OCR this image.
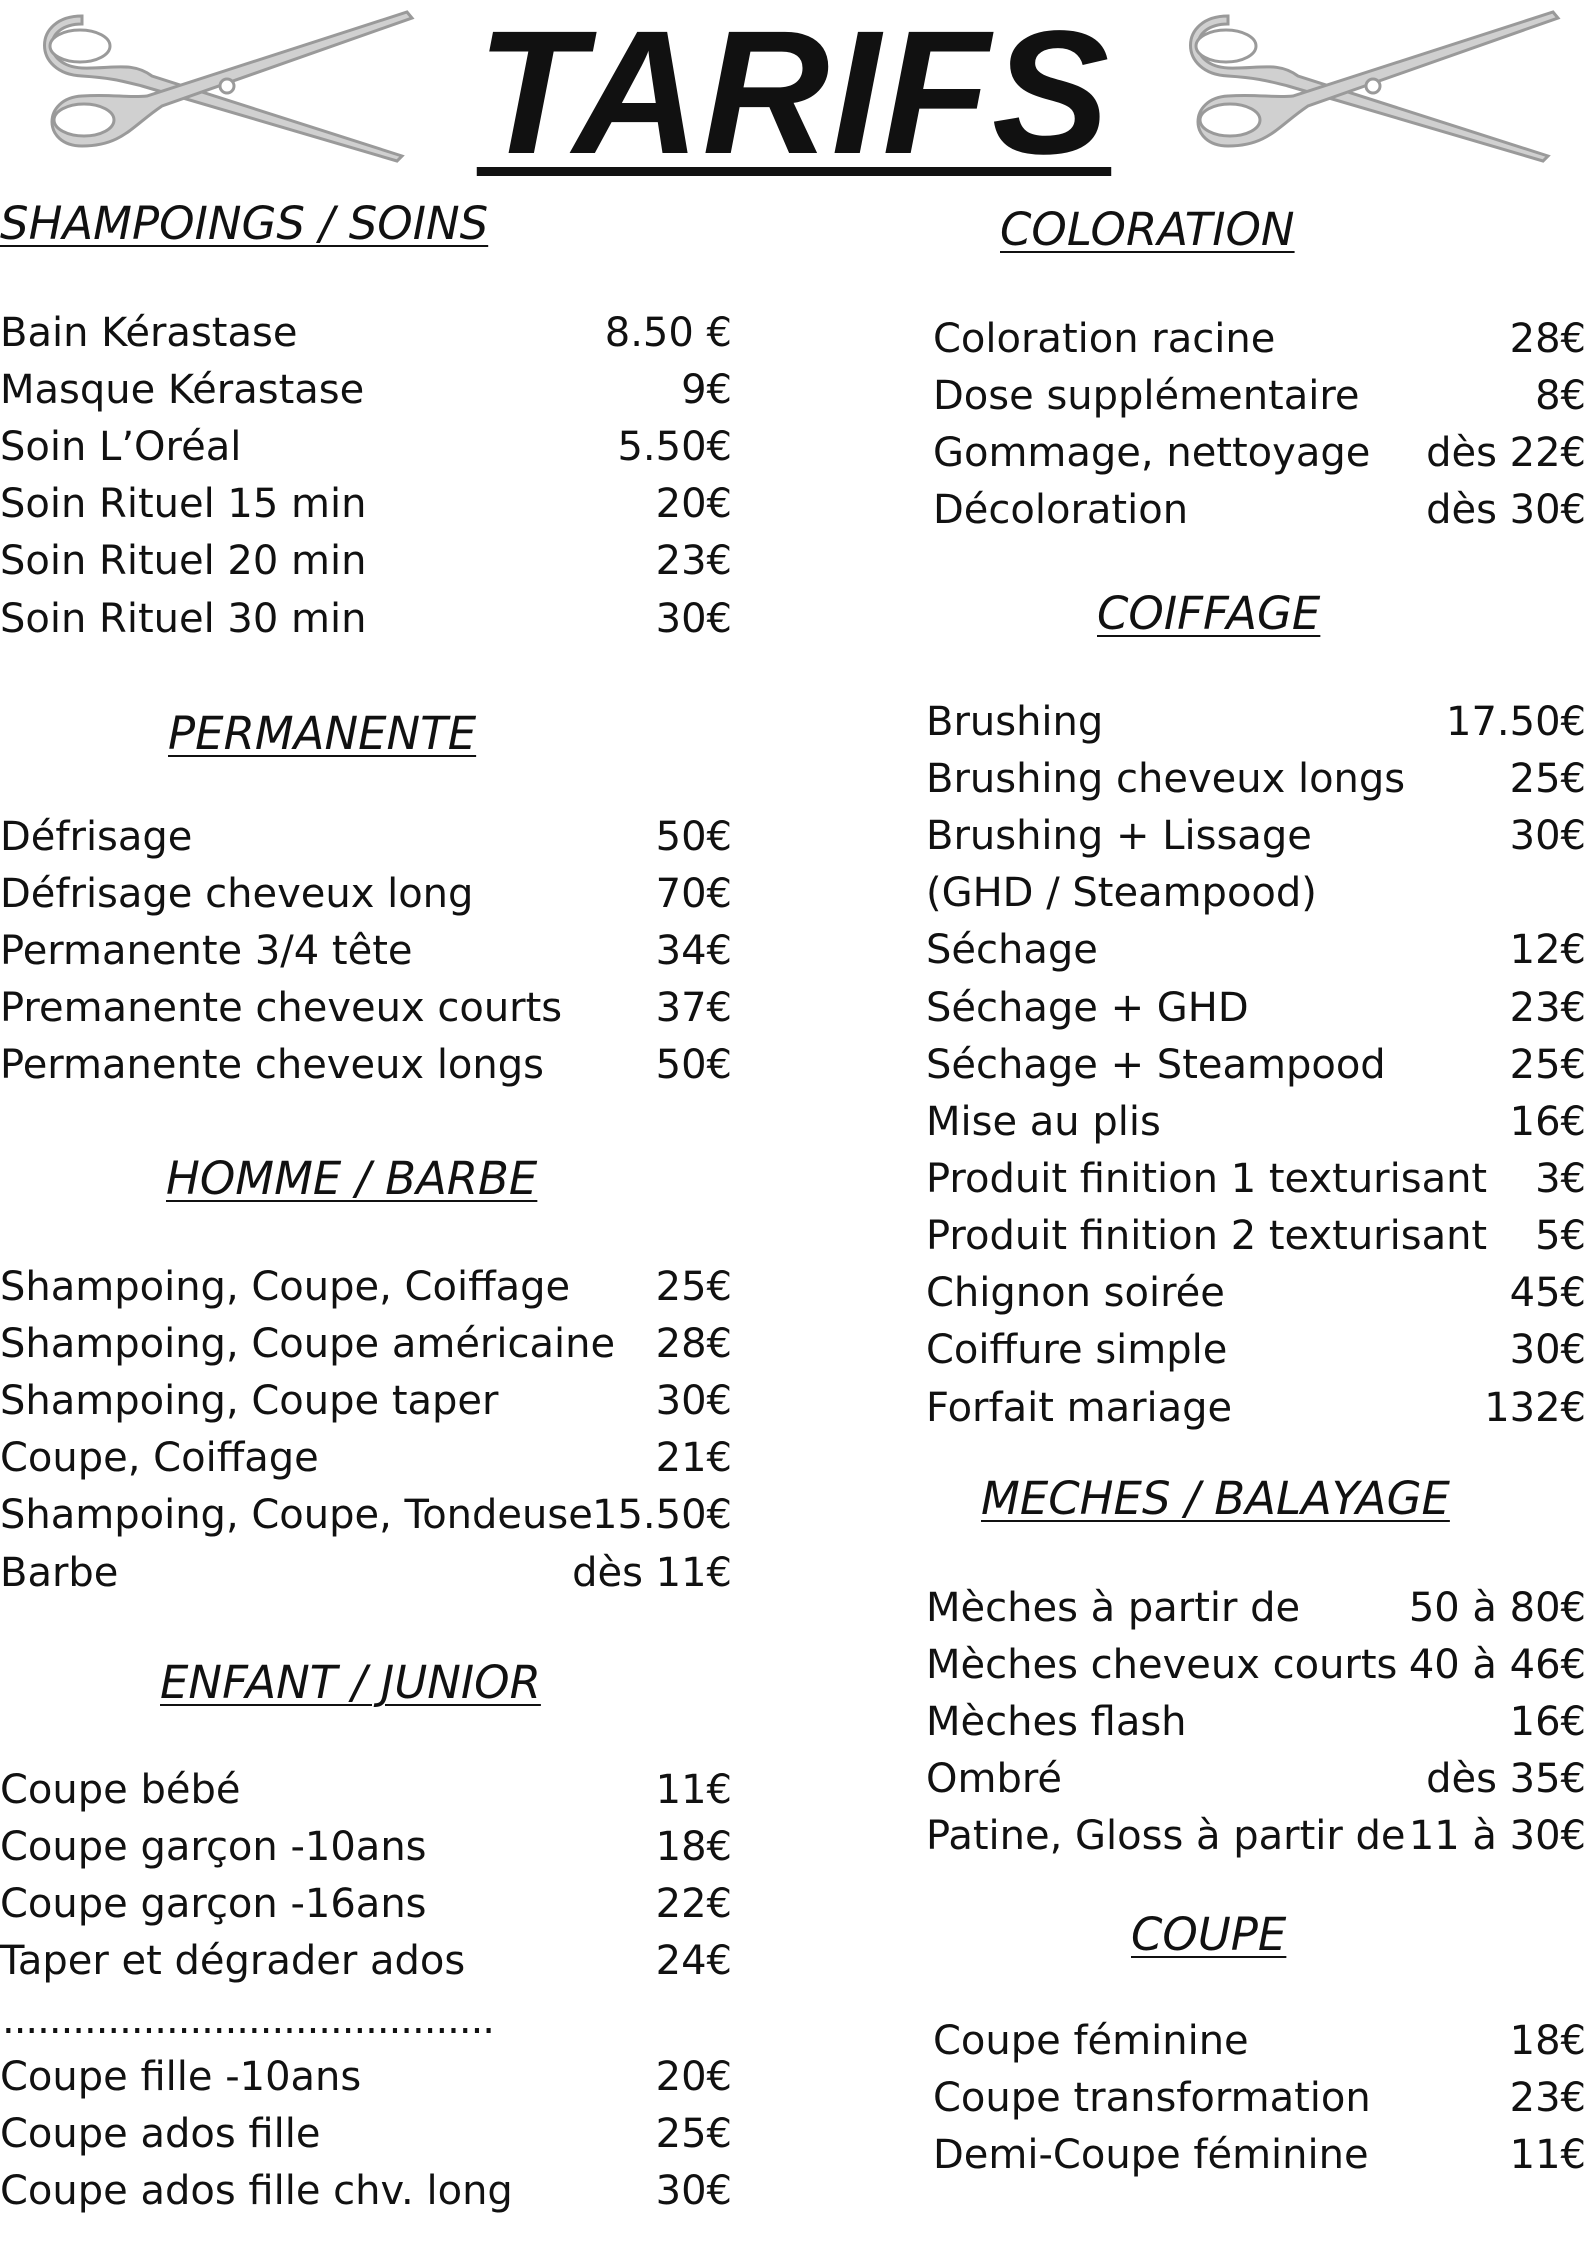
TARIFS
SHAMPOINGS / SOINS
Bain Kérastase	8.50 €
Masque Kérastase	9€
Soin L’Oréal	5.50€
Soin Rituel 15 min	20€
Soin Rituel 20 min	23€
Soin Rituel 30 min	30€
PERMANENTE
Défrisage	50€
Défrisage cheveux long	70€
Permanente 3/4 tête	34€
Premanente cheveux courts 37€
Permanente cheveux longs	50€
HOMME / BARBE
Shampoing, Coupe, Coiffage 25€
Shampoing, Coupe américaine 28€
Shampoing, Coupe taper	30€
Coupe, Coiffage	21€
Shampoing, Coupe, Tondeuse 15.50€
Barbe	dès 11€
ENFANT / JUNIOR
Coupe bébé	11€
Coupe garçon -10ans	18€
Coupe garçon -16ans	22€
Taper et dégrader ados	24€
..........................................
Coupe fille -10ans	20€
Coupe ados fille	25€
Coupe ados fille chv. long	30€
COLORATION
Coloration racine	28€
Dose supplémentaire	8€
Gommage, nettoyage dès 22€
Décoloration	dès 30€
COIFFAGE
Brushing	17.50€
Brushing cheveux longs	25€
Brushing + Lissage	30€
(GHD / Steampood)
Séchage	12€
Séchage + GHD	23€
Séchage + Steampood	25€
Mise au plis	16€
Produit finition 1 texturisant 3€
Produit finition 2 texturisant 5€
Chignon soirée	45€
Coiffure simple	30€
Forfait mariage	132€
MECHES / BALAYAGE
Mèches à partir de	50 à 80€
Mèches cheveux courts 40 à 46€
Mèches flash	16€
Ombré	dès 35€
Patine, Gloss à partir de 11 à 30€
COUPE
Coupe féminine	18€
Coupe transformation	23€
Demi-Coupe féminine	11€
